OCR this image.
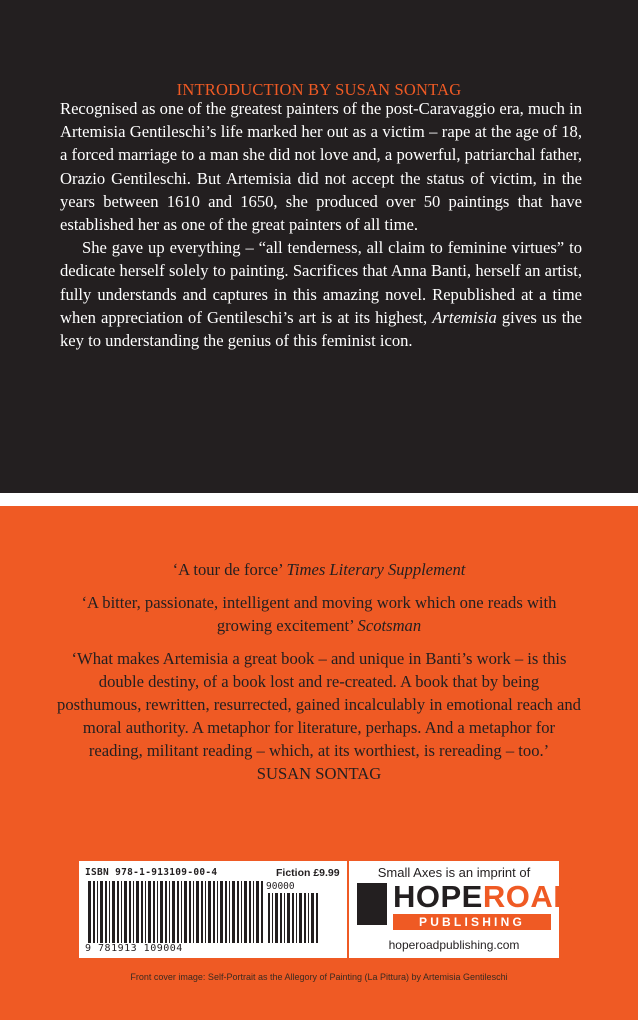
INTRODUCTION BY SUSAN SONTAG

Recognised as one of the greatest painters of the post-Caravaggio era, much in Artemisia Gentileschi’s life marked her out as a victim – rape at the age of 18, a forced marriage to a man she did not love and, a powerful, patriarchal father, Orazio Gentileschi. But Artemisia did not accept the status of victim, in the years between 1610 and 1650, she produced over 50 paintings that have established her as one of the great painters of all time.

She gave up everything – “all tenderness, all claim to feminine virtues” to dedicate herself solely to painting. Sacrifices that Anna Banti, herself an artist, fully understands and captures in this amazing novel. Republished at a time when appreciation of Gentileschi’s art is at its highest, Artemisia gives us the key to understanding the genius of this feminist icon.

‘A tour de force’ Times Literary Supplement

‘A bitter, passionate, intelligent and moving work which one reads with growing excitement’ Scotsman

‘What makes Artemisia a great book – and unique in Banti’s work – is this double destiny, of a book lost and re-created. A book that by being posthumous, rewritten, resurrected, gained incalculably in emotional reach and moral authority. A metaphor for literature, perhaps. And a metaphor for reading, militant reading – which, at its worthiest, is rereading – too.’

SUSAN SONTAG

ISBN 978-1-913109-00-4	Fiction £9.99
90000
9 781913 109004
Small Axes is an imprint of
HOPEROAD
PUBLISHING
hoperoadpublishing.com
Front cover image: Self-Portrait as the Allegory of Painting (La Pittura) by Artemisia Gentileschi
